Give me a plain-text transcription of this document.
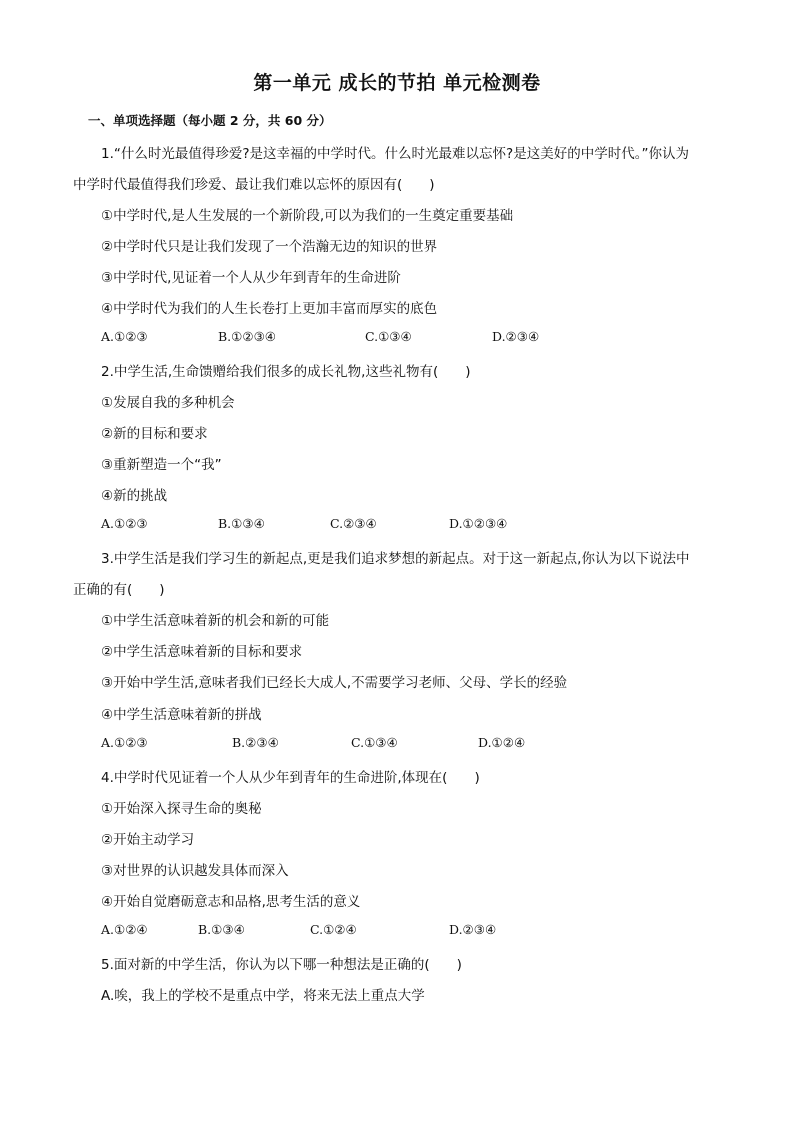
第一单元 成长的节拍 单元检测卷
一、单项选择题（每小题 2 分，共 60 分）
1.“什么时光最值得珍爱?是这幸福的中学时代。什么时光最难以忘怀?是这美好的中学时代。”你认为
中学时代最值得我们珍爱、最让我们难以忘怀的原因有(　　)
①中学时代,是人生发展的一个新阶段,可以为我们的一生奠定重要基础
②中学时代只是让我们发现了一个浩瀚无边的知识的世界
③中学时代,见证着一个人从少年到青年的生命进阶
④中学时代为我们的人生长卷打上更加丰富而厚实的底色
A.①②③	B.①②③④	C.①③④	D.②③④
2.中学生活,生命馈赠给我们很多的成长礼物,这些礼物有(　　)
①发展自我的多种机会
②新的目标和要求
③重新塑造一个“我”
④新的挑战
A.①②③	B.①③④	C.②③④	D.①②③④
3.中学生活是我们学习生的新起点,更是我们追求梦想的新起点。对于这一新起点,你认为以下说法中
正确的有(　　)
①中学生活意味着新的机会和新的可能
②中学生活意味着新的目标和要求
③开始中学生活,意味者我们已经长大成人,不需要学习老师、父母、学长的经验
④中学生活意味着新的拼战
A.①②③	B.②③④	C.①③④	D.①②④
4.中学时代见证着一个人从少年到青年的生命进阶,体现在(　　)
①开始深入探寻生命的奥秘
②开始主动学习
③对世界的认识越发具体而深入
④开始自觉磨砺意志和品格,思考生活的意义
A.①②④	B.①③④	C.①②④	D.②③④
5.面对新的中学生活，你认为以下哪一种想法是正确的(　　)
A.唉，我上的学校不是重点中学，将来无法上重点大学
